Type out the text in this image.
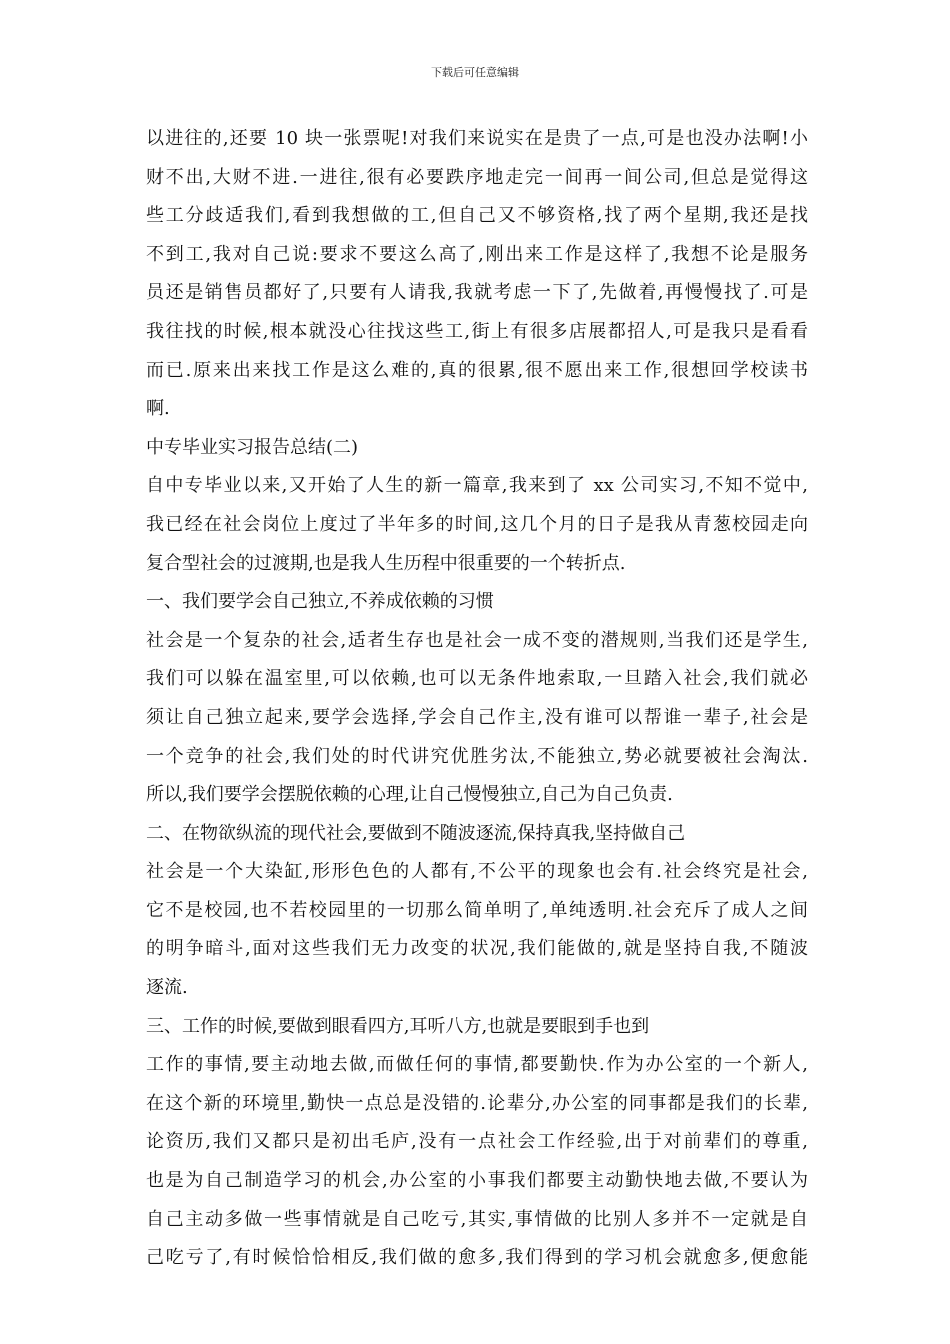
下载后可任意编辑
以进往的,还要 10 块一张票呢!对我们来说实在是贵了一点,可是也没办法啊!小
财不出,大财不进.一进往,很有必要跌序地走完一间再一间公司,但总是觉得这
些工分歧适我们,看到我想做的工,但自己又不够资格,找了两个星期,我还是找
不到工,我对自己说:要求不要这么高了,刚出来工作是这样了,我想不论是服务
员还是销售员都好了,只要有人请我,我就考虑一下了,先做着,再慢慢找了.可是
我往找的时候,根本就没心往找这些工,街上有很多店展都招人,可是我只是看看
而已.原来出来找工作是这么难的,真的很累,很不愿出来工作,很想回学校读书
啊.
中专毕业实习报告总结(二)
自中专毕业以来,又开始了人生的新一篇章,我来到了 xx 公司实习,不知不觉中,
我已经在社会岗位上度过了半年多的时间,这几个月的日子是我从青葱校园走向
复合型社会的过渡期,也是我人生历程中很重要的一个转折点.
一、我们要学会自己独立,不养成依赖的习惯
社会是一个复杂的社会,适者生存也是社会一成不变的潜规则,当我们还是学生,
我们可以躲在温室里,可以依赖,也可以无条件地索取,一旦踏入社会,我们就必
须让自己独立起来,要学会选择,学会自己作主,没有谁可以帮谁一辈子,社会是
一个竞争的社会,我们处的时代讲究优胜劣汰,不能独立,势必就要被社会淘汰.
所以,我们要学会摆脱依赖的心理,让自己慢慢独立,自己为自己负责.
二、在物欲纵流的现代社会,要做到不随波逐流,保持真我,坚持做自己
社会是一个大染缸,形形色色的人都有,不公平的现象也会有.社会终究是社会,
它不是校园,也不若校园里的一切那么简单明了,单纯透明.社会充斥了成人之间
的明争暗斗,面对这些我们无力改变的状况,我们能做的,就是坚持自我,不随波
逐流.
三、工作的时候,要做到眼看四方,耳听八方,也就是要眼到手也到
工作的事情,要主动地去做,而做任何的事情,都要勤快.作为办公室的一个新人,
在这个新的环境里,勤快一点总是没错的.论辈分,办公室的同事都是我们的长辈,
论资历,我们又都只是初出毛庐,没有一点社会工作经验,出于对前辈们的尊重,
也是为自己制造学习的机会,办公室的小事我们都要主动勤快地去做,不要认为
自己主动多做一些事情就是自己吃亏,其实,事情做的比别人多并不一定就是自
己吃亏了,有时候恰恰相反,我们做的愈多,我们得到的学习机会就愈多,便愈能
